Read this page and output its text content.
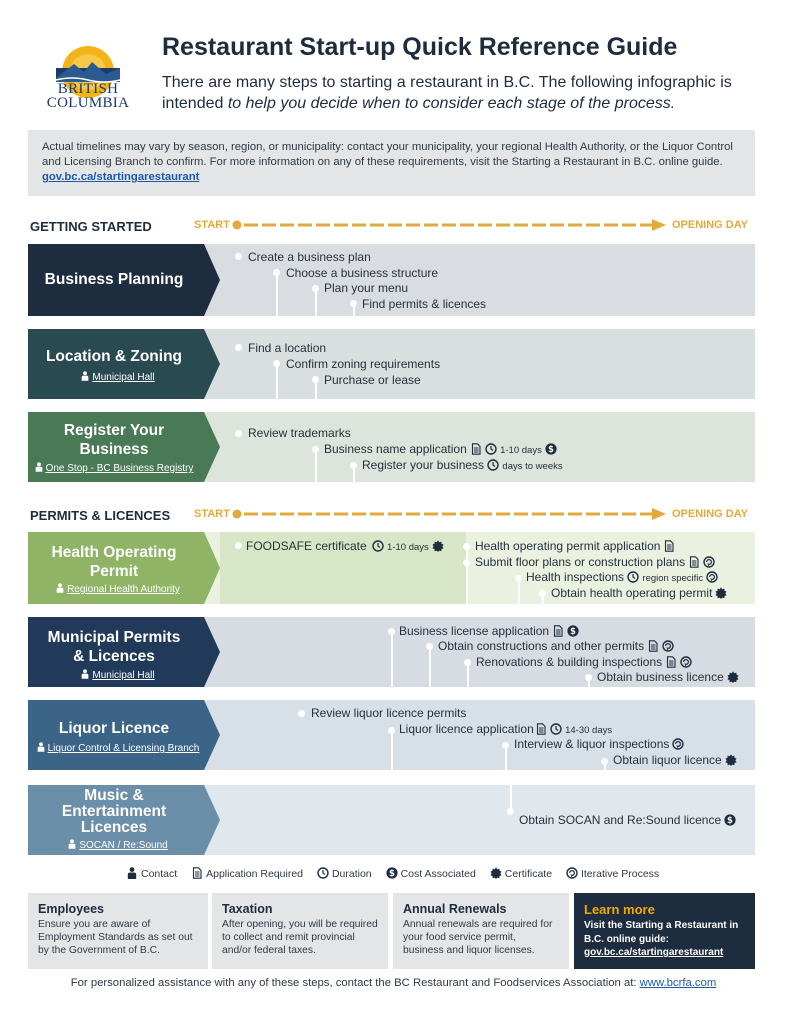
BRITISH
COLUMBIA
Restaurant Start-up Quick Reference Guide
There are many steps to starting a restaurant in B.C. The following infographic is intended to help you decide when to consider each stage of the process.
Actual timelines may vary by season, region, or municipality: contact your municipality, your regional Health Authority, or the Liquor Control and Licensing Branch to confirm. For more information on any of these requirements, visit the Starting a Restaurant in B.C. online guide. gov.bc.ca/startingarestaurant
GETTING STARTED	START	OPENING DAY
Business Planning
Create a business plan
Choose a business structure
Plan your menu
Find permits & licences
Location & Zoning
Municipal Hall
Find a location
Confirm zoning requirements
Purchase or lease
Register Your
Business
One Stop - BC Business Registry
Review trademarks
Business name application	1-10 days
Register your business days to weeks
PERMITS & LICENCES START	OPENING DAY
Health Operating
Permit
Regional Health Authority
FOODSAFE certificate 1-10 days	Health operating permit application
Submit floor plans or construction plans
Health inspections region specific
Obtain health operating permit
Municipal Permits
& Licences
Municipal Hall
Business license application
Obtain constructions and other permits
Renovations & building inspections
Obtain business licence
Liquor Licence
Liquor Control & Licensing Branch
Review liquor licence permits
Liquor licence application	14-30 days
Interview & liquor inspections
Obtain liquor licence
Music &
Entertainment
Licences
SOCAN / Re:Sound
Obtain SOCAN and Re:Sound licence
Contact	Application Required	Duration	Cost Associated	Certificate	Iterative Process
Employees

Ensure you are aware of Employment Standards as set out by the Government of B.C.

Taxation

After opening, you will be required to collect and remit provincial and/or federal taxes.

Annual Renewals

Annual renewals are required for your food service permit, business and liquor licenses.

Learn more

Visit the Starting a Restaurant in B.C. online guide:
gov.bc.ca/startingarestaurant

For personalized assistance with any of these steps, contact the BC Restaurant and Foodservices Association at: www.bcrfa.com
